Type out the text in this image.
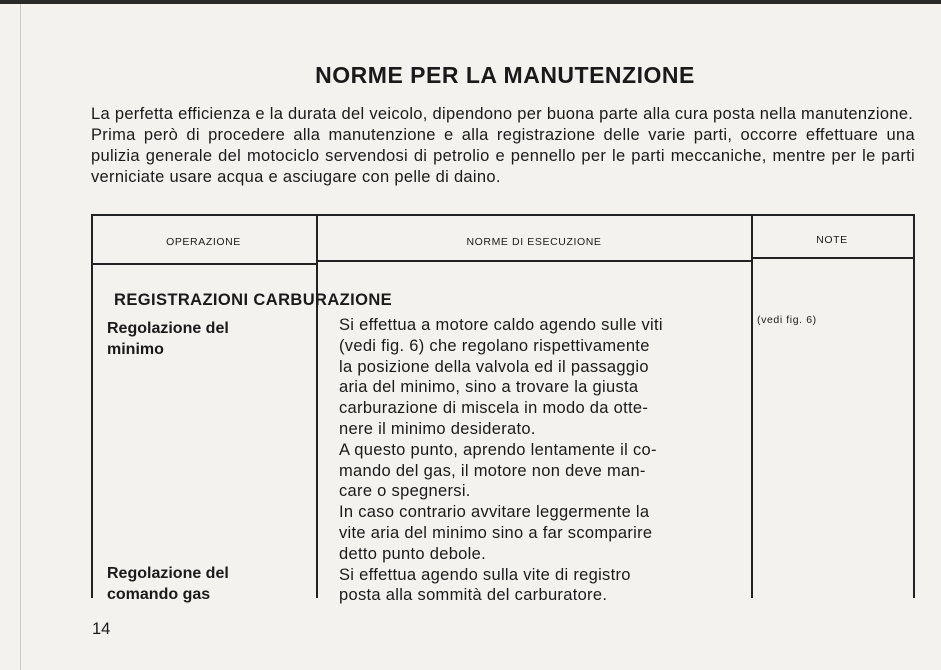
NORME PER LA MANUTENZIONE

La perfetta efficienza e la durata del veicolo, dipendono per buona parte alla cura posta nella manutenzione.

Prima però di procedere alla manutenzione e alla registrazione delle varie parti, occorre effettuare una pulizia generale del motociclo servendosi di petrolio e pennello per le parti meccaniche, mentre per le parti verniciate usare acqua e asciugare con pelle di daino.

OPERAZIONE	NORME DI ESECUZIONE	NOTE
REGISTRAZIONI CARBURAZIONE
Regolazione del minimo
Regolazione del comando gas
Si effettua a motore caldo agendo sulle viti
(vedi fig. 6) che regolano rispettivamente
la posizione della valvola ed il passaggio
aria del minimo, sino a trovare la giusta
carburazione di miscela in modo da otte-
nere il minimo desiderato.
A questo punto, aprendo lentamente il co-
mando del gas, il motore non deve man-
care o spegnersi.
In caso contrario avvitare leggermente la
vite aria del minimo sino a far scomparire
detto punto debole.
Si effettua agendo sulla vite di registro
posta alla sommità del carburatore.
(vedi fig. 6)
14
